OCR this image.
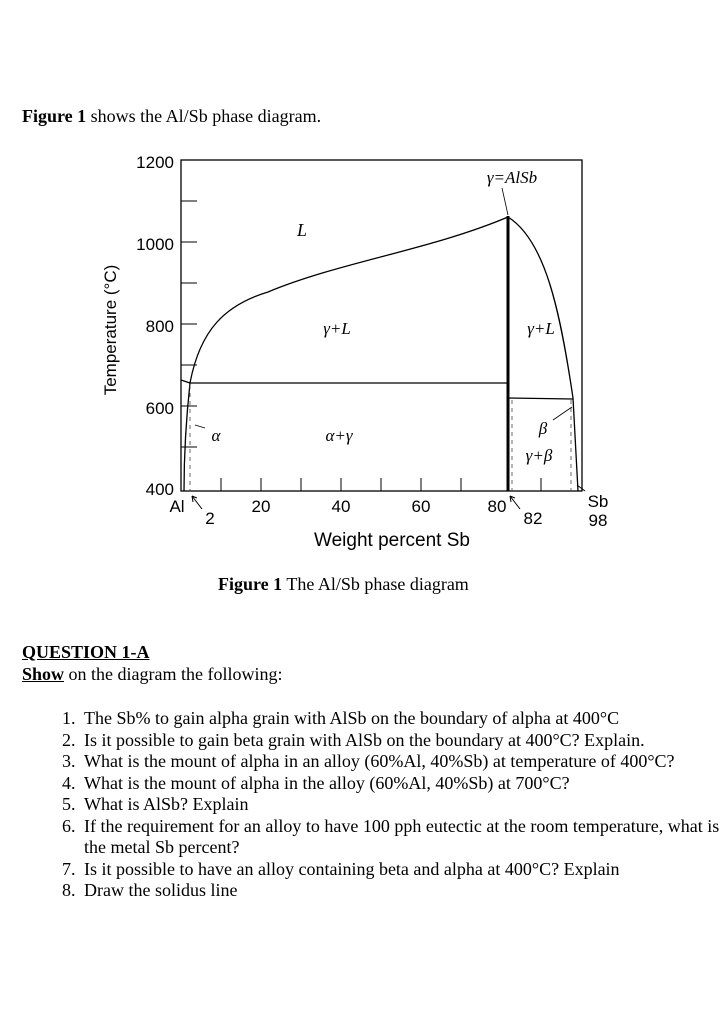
Figure 1 shows the Al/Sb phase diagram.

1200
1000
800
600
400
Temperature (°C)
Al
2
20	40	60	80
82
Sb
98
Weight percent Sb
γ=AlSb
L
γ+L	γ+L
α	α+γ	β
γ+β

Figure 1 The Al/Sb phase diagram

QUESTION 1-A

Show on the diagram the following:

1. The Sb% to gain alpha grain with AlSb on the boundary of alpha at 400°C
2. Is it possible to gain beta grain with AlSb on the boundary at 400°C? Explain.
3. What is the mount of alpha in an alloy (60%Al, 40%Sb) at temperature of 400°C?
4. What is the mount of alpha in the alloy (60%Al, 40%Sb) at 700°C?
5. What is AlSb? Explain
6. If the requirement for an alloy to have 100 pph eutectic at the room temperature, what is the metal Sb percent?
7. Is it possible to have an alloy containing beta and alpha at 400°C? Explain
8. Draw the solidus line
